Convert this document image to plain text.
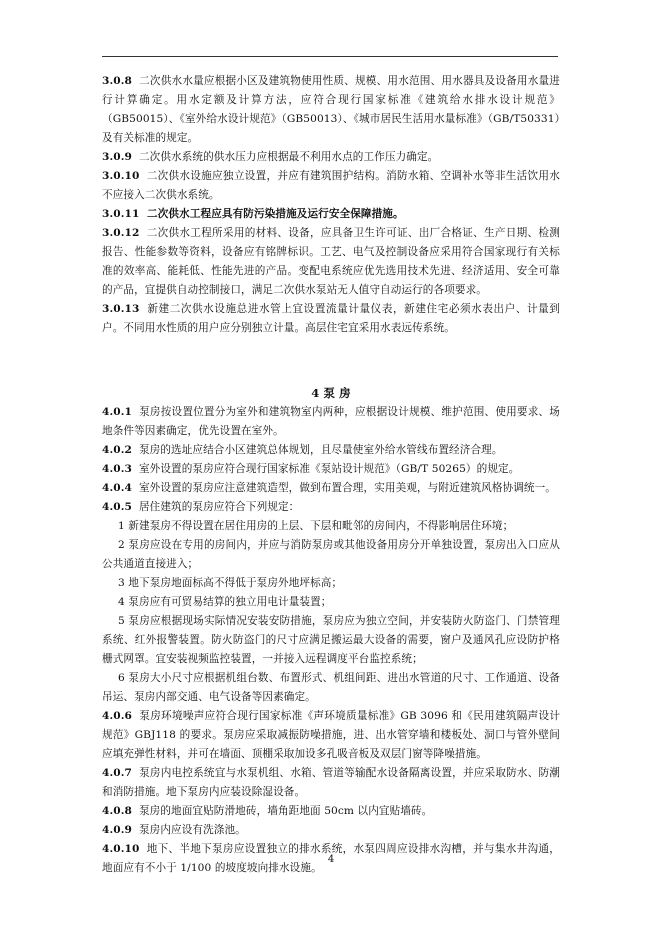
3.0.8 二次供水水量应根据小区及建筑物使用性质、规模、用水范围、用水器具及设备用水量进行计算确定。用水定额及计算方法，应符合现行国家标准《建筑给水排水设计规范》（GB50015）、《室外给水设计规范》（GB50013）、《城市居民生活用水量标准》（GB/T50331）及有关标准的规定。

3.0.9 二次供水系统的供水压力应根据最不利用水点的工作压力确定。

3.0.10 二次供水设施应独立设置，并应有建筑围护结构。消防水箱、空调补水等非生活饮用水不应接入二次供水系统。

3.0.11 二次供水工程应具有防污染措施及运行安全保障措施。

3.0.12 二次供水工程所采用的材料、设备，应具备卫生许可证、出厂合格证、生产日期、检测报告、性能参数等资料，设备应有铭牌标识。工艺、电气及控制设备应采用符合国家现行有关标准的效率高、能耗低、性能先进的产品。变配电系统应优先选用技术先进、经济适用、安全可靠的产品，宜提供自动控制接口，满足二次供水泵站无人值守自动运行的各项要求。

3.0.13 新建二次供水设施总进水管上宜设置流量计量仪表，新建住宅必须水表出户、计量到户。不同用水性质的用户应分别独立计量。高层住宅宜采用水表远传系统。

4 泵 房

4.0.1 泵房按设置位置分为室外和建筑物室内两种，应根据设计规模、维护范围、使用要求、场地条件等因素确定，优先设置在室外。

4.0.2 泵房的选址应结合小区建筑总体规划，且尽量使室外给水管线布置经济合理。

4.0.3 室外设置的泵房应符合现行国家标准《泵站设计规范》（GB/T 50265）的规定。

4.0.4 室外设置的泵房应注意建筑造型，做到布置合理，实用美观，与附近建筑风格协调统一。

4.0.5 居住建筑的泵房应符合下列规定：

1 新建泵房不得设置在居住用房的上层、下层和毗邻的房间内，不得影响居住环境；

2 泵房应设在专用的房间内，并应与消防泵房或其他设备用房分开单独设置，泵房出入口应从公共通道直接进入；

3 地下泵房地面标高不得低于泵房外地坪标高；

4 泵房应有可贸易结算的独立用电计量装置；

5 泵房应根据现场实际情况安装安防措施，泵房应为独立空间，并安装防火防盗门、门禁管理系统、红外报警装置。防火防盗门的尺寸应满足搬运最大设备的需要，窗户及通风孔应设防护格栅式网罩。宜安装视频监控装置，一并接入远程调度平台监控系统；

6 泵房大小尺寸应根据机组台数、布置形式、机组间距、进出水管道的尺寸、工作通道、设备吊运、泵房内部交通、电气设备等因素确定。

4.0.6 泵房环境噪声应符合现行国家标准《声环境质量标准》GB 3096 和《民用建筑隔声设计规范》GBJ118 的要求。泵房应采取减振防噪措施，进、出水管穿墙和楼板处、洞口与管外壁间应填充弹性材料，并可在墙面、顶棚采取加设多孔吸音板及双层门窗等降噪措施。

4.0.7 泵房内电控系统宜与水泵机组、水箱、管道等输配水设备隔离设置，并应采取防水、防潮和消防措施。地下泵房内应装设除湿设备。

4.0.8 泵房的地面宜贴防滑地砖，墙角距地面 50cm 以内宜贴墙砖。

4.0.9 泵房内应设有洗涤池。

4.0.10 地下、半地下泵房应设置独立的排水系统，水泵四周应设排水沟槽，并与集水井沟通，地面应有不小于 1/100 的坡度坡向排水设施。

4
